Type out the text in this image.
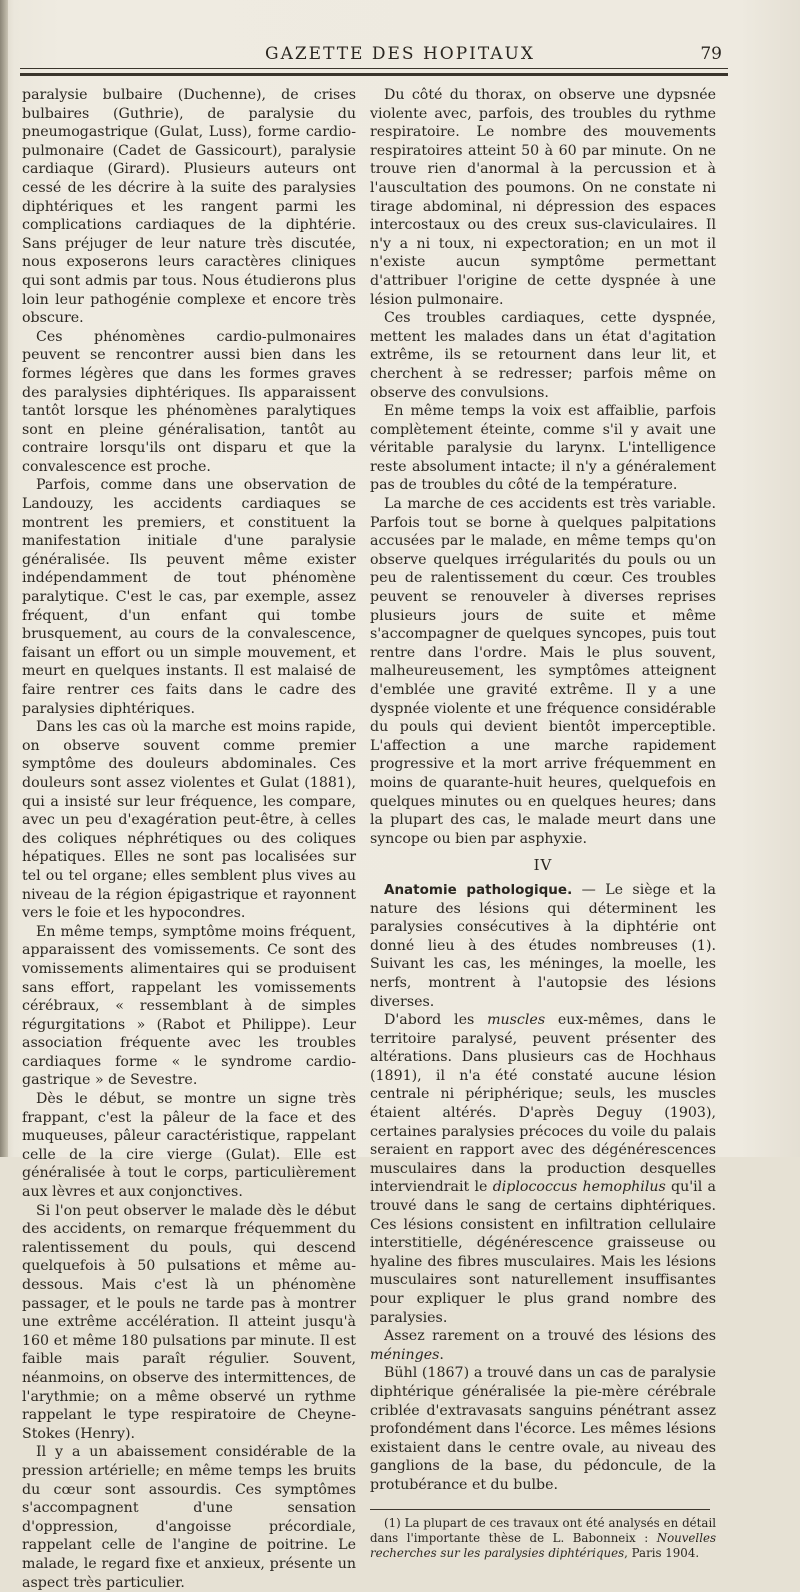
GAZETTE DES HOPITAUX	79

paralysie bulbaire (Duchenne), de crises bulbaires (Guthrie), de paralysie du pneumogastrique (Gulat, Luss), forme cardio-pulmonaire (Cadet de Gassicourt), paralysie cardiaque (Girard). Plusieurs auteurs ont cessé de les décrire à la suite des paralysies diphtériques et les rangent parmi les complications cardiaques de la diphtérie. Sans préjuger de leur nature très discutée, nous exposerons leurs caractères cliniques qui sont admis par tous. Nous étudierons plus loin leur pathogénie complexe et encore très obscure.

Ces phénomènes cardio-pulmonaires peuvent se rencontrer aussi bien dans les formes légères que dans les formes graves des paralysies diphtériques. Ils apparaissent tantôt lorsque les phénomènes paralytiques sont en pleine généralisation, tantôt au contraire lorsqu'ils ont disparu et que la convalescence est proche.

Parfois, comme dans une observation de Landouzy, les accidents cardiaques se montrent les premiers, et constituent la manifestation initiale d'une paralysie généralisée. Ils peuvent même exister indépendamment de tout phénomène paralytique. C'est le cas, par exemple, assez fréquent, d'un enfant qui tombe brusquement, au cours de la convalescence, faisant un effort ou un simple mouvement, et meurt en quelques instants. Il est malaisé de faire rentrer ces faits dans le cadre des paralysies diphtériques.

Dans les cas où la marche est moins rapide, on observe souvent comme premier symptôme des douleurs abdominales. Ces douleurs sont assez violentes et Gulat (1881), qui a insisté sur leur fréquence, les compare, avec un peu d'exagération peut-être, à celles des coliques néphrétiques ou des coliques hépatiques. Elles ne sont pas localisées sur tel ou tel organe; elles semblent plus vives au niveau de la région épigastrique et rayonnent vers le foie et les hypocondres.

En même temps, symptôme moins fréquent, apparaissent des vomissements. Ce sont des vomissements alimentaires qui se produisent sans effort, rappelant les vomissements cérébraux, « ressemblant à de simples régurgitations » (Rabot et Philippe). Leur association fréquente avec les troubles cardiaques forme « le syndrome cardio-gastrique » de Sevestre.

Dès le début, se montre un signe très frappant, c'est la pâleur de la face et des muqueuses, pâleur caractéristique, rappelant celle de la cire vierge (Gulat). Elle est généralisée à tout le corps, particulièrement aux lèvres et aux conjonctives.

Si l'on peut observer le malade dès le début des accidents, on remarque fréquemment du ralentissement du pouls, qui descend quelquefois à 50 pulsations et même au-dessous. Mais c'est là un phénomène passager, et le pouls ne tarde pas à montrer une extrême accélération. Il atteint jusqu'à 160 et même 180 pulsations par minute. Il est faible mais paraît régulier. Souvent, néanmoins, on observe des intermittences, de l'arythmie; on a même observé un rythme rappelant le type respiratoire de Cheyne-Stokes (Henry).

Il y a un abaissement considérable de la pression artérielle; en même temps les bruits du cœur sont assourdis. Ces symptômes s'accompagnent d'une sensation d'oppression, d'angoisse précordiale, rappelant celle de l'angine de poitrine. Le malade, le regard fixe et anxieux, présente un aspect très particulier.

Du côté du thorax, on observe une dypsnée violente avec, parfois, des troubles du rythme respiratoire. Le nombre des mouvements respiratoires atteint 50 à 60 par minute. On ne trouve rien d'anormal à la percussion et à l'auscultation des poumons. On ne constate ni tirage abdominal, ni dépression des espaces intercostaux ou des creux sus-claviculaires. Il n'y a ni toux, ni expectoration; en un mot il n'existe aucun symptôme permettant d'attribuer l'origine de cette dyspnée à une lésion pulmonaire.

Ces troubles cardiaques, cette dyspnée, mettent les malades dans un état d'agitation extrême, ils se retournent dans leur lit, et cherchent à se redresser; parfois même on observe des convulsions.

En même temps la voix est affaiblie, parfois complètement éteinte, comme s'il y avait une véritable paralysie du larynx. L'intelligence reste absolument intacte; il n'y a généralement pas de troubles du côté de la température.

La marche de ces accidents est très variable. Parfois tout se borne à quelques palpitations accusées par le malade, en même temps qu'on observe quelques irrégularités du pouls ou un peu de ralentissement du cœur. Ces troubles peuvent se renouveler à diverses reprises plusieurs jours de suite et même s'accompagner de quelques syncopes, puis tout rentre dans l'ordre. Mais le plus souvent, malheureusement, les symptômes atteignent d'emblée une gravité extrême. Il y a une dyspnée violente et une fréquence considérable du pouls qui devient bientôt imperceptible. L'affection a une marche rapidement progressive et la mort arrive fréquemment en moins de quarante-huit heures, quelquefois en quelques minutes ou en quelques heures; dans la plupart des cas, le malade meurt dans une syncope ou bien par asphyxie.

IV

Anatomie pathologique. — Le siège et la nature des lésions qui déterminent les paralysies consécutives à la diphtérie ont donné lieu à des études nombreuses (1). Suivant les cas, les méninges, la moelle, les nerfs, montrent à l'autopsie des lésions diverses.

D'abord les muscles eux-mêmes, dans le territoire paralysé, peuvent présenter des altérations. Dans plusieurs cas de Hochhaus (1891), il n'a été constaté aucune lésion centrale ni périphérique; seuls, les muscles étaient altérés. D'après Deguy (1903), certaines paralysies précoces du voile du palais seraient en rapport avec des dégénérescences musculaires dans la production desquelles interviendrait le diplococcus hemophilus qu'il a trouvé dans le sang de certains diphtériques. Ces lésions consistent en infiltration cellulaire interstitielle, dégénérescence graisseuse ou hyaline des fibres musculaires. Mais les lésions musculaires sont naturellement insuffisantes pour expliquer le plus grand nombre des paralysies.

Assez rarement on a trouvé des lésions des méninges.

Bühl (1867) a trouvé dans un cas de paralysie diphtérique généralisée la pie-mère cérébrale criblée d'extravasats sanguins pénétrant assez profondément dans l'écorce. Les mêmes lésions existaient dans le centre ovale, au niveau des ganglions de la base, du pédoncule, de la protubérance et du bulbe.

(1) La plupart de ces travaux ont été analysés en détail dans l'importante thèse de L. Babonneix : Nouvelles recherches sur les paralysies diphtériques, Paris 1904.
